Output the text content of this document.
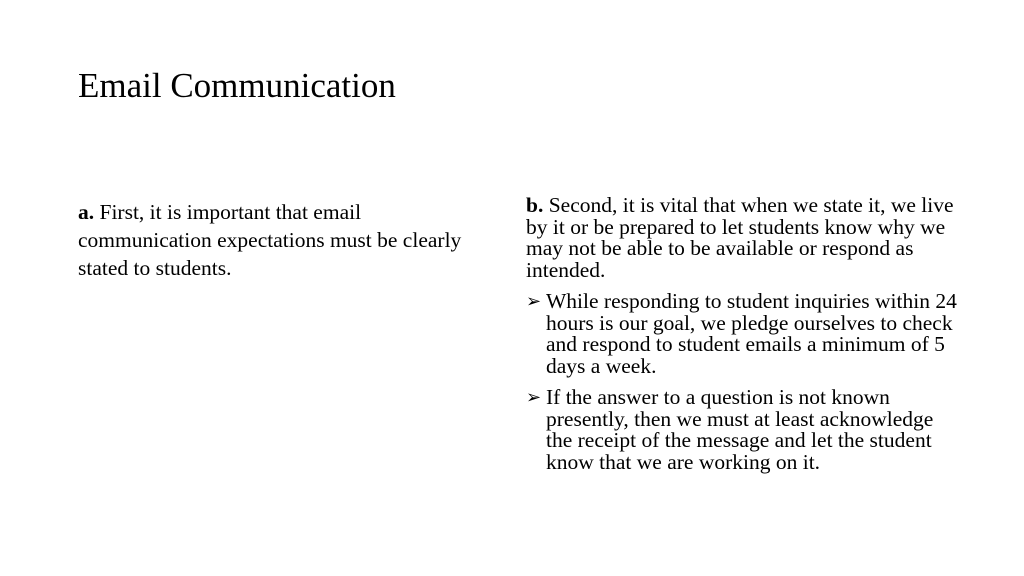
Email Communication

a. First, it is important that email communication expectations must be clearly stated to students.

b. Second, it is vital that when we state it, we live by it or be prepared to let students know why we may not be able to be available or respond as intended.

➢ While responding to student inquiries within 24 hours is our goal, we pledge ourselves to check and respond to student emails a minimum of 5 days a week.
➢ If the answer to a question is not known presently, then we must at least acknowledge the receipt of the message and let the student know that we are working on it.
